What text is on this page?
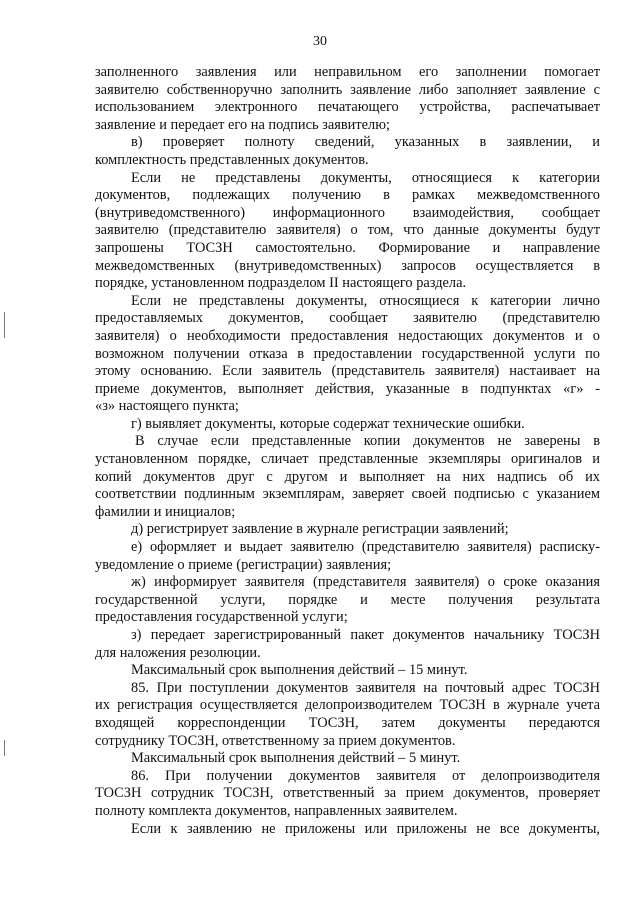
30
заполненного заявления или неправильном его заполнении помогает
заявителю собственноручно заполнить заявление либо заполняет заявление с
использованием электронного печатающего устройства, распечатывает
заявление и передает его на подпись заявителю;
в) проверяет полноту сведений, указанных в заявлении, и
комплектность представленных документов.
Если не представлены документы, относящиеся к категории
документов, подлежащих получению в рамках межведомственного
(внутриведомственного) информационного взаимодействия, сообщает
заявителю (представителю заявителя) о том, что данные документы будут
запрошены ТОСЗН самостоятельно. Формирование и направление
межведомственных (внутриведомственных) запросов осуществляется в
порядке, установленном подразделом II настоящего раздела.
Если не представлены документы, относящиеся к категории лично
предоставляемых документов, сообщает заявителю (представителю
заявителя) о необходимости предоставления недостающих документов и о
возможном получении отказа в предоставлении государственной услуги по
этому основанию. Если заявитель (представитель заявителя) настаивает на
приеме документов, выполняет действия, указанные в подпунктах «г» -
«з» настоящего пункта;
г) выявляет документы, которые содержат технические ошибки.
В случае если представленные копии документов не заверены в
установленном порядке, сличает представленные экземпляры оригиналов и
копий документов друг с другом и выполняет на них надпись об их
соответствии подлинным экземплярам, заверяет своей подписью с указанием
фамилии и инициалов;
д) регистрирует заявление в журнале регистрации заявлений;
е) оформляет и выдает заявителю (представителю заявителя) расписку-
уведомление о приеме (регистрации) заявления;
ж) информирует заявителя (представителя заявителя) о сроке оказания
государственной услуги, порядке и месте получения результата
предоставления государственной услуги;
з) передает зарегистрированный пакет документов начальнику ТОСЗН
для наложения резолюции.
Максимальный срок выполнения действий – 15 минут.
85. При поступлении документов заявителя на почтовый адрес ТОСЗН
их регистрация осуществляется делопроизводителем ТОСЗН в журнале учета
входящей корреспонденции ТОСЗН, затем документы передаются
сотруднику ТОСЗН, ответственному за прием документов.
Максимальный срок выполнения действий – 5 минут.
86. При получении документов заявителя от делопроизводителя
ТОСЗН сотрудник ТОСЗН, ответственный за прием документов, проверяет
полноту комплекта документов, направленных заявителем.
Если к заявлению не приложены или приложены не все документы,
